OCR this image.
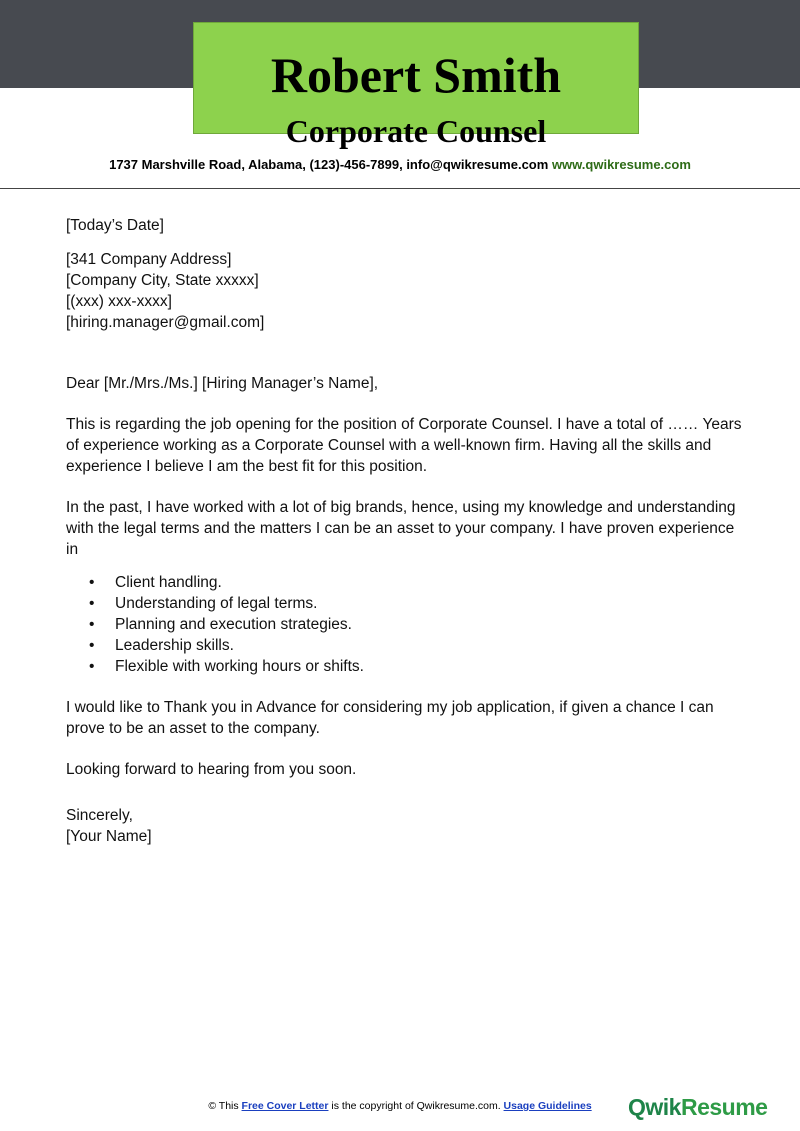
Robert Smith
Corporate Counsel
1737 Marshville Road, Alabama, (123)-456-7899, info@qwikresume.com www.qwikresume.com

[Today’s Date]

[341 Company Address]

[Company City, State xxxxx]

[(xxx) xxx-xxxx]

[hiring.manager@gmail.com]

Dear [Mr./Mrs./Ms.] [Hiring Manager’s Name],

This is regarding the job opening for the position of Corporate Counsel. I have a total of …… Years of experience working as a Corporate Counsel with a well-known firm. Having all the skills and experience I believe I am the best fit for this position.

In the past, I have worked with a lot of big brands, hence, using my knowledge and understanding with the legal terms and the matters I can be an asset to your company. I have proven experience in

• Client handling.
• Understanding of legal terms.
• Planning and execution strategies.
• Leadership skills.
• Flexible with working hours or shifts.

I would like to Thank you in Advance for considering my job application, if given a chance I can prove to be an asset to the company.

Looking forward to hearing from you soon.

Sincerely,

[Your Name]

© This Free Cover Letter is the copyright of Qwikresume.com. Usage Guidelines	QwikResume
